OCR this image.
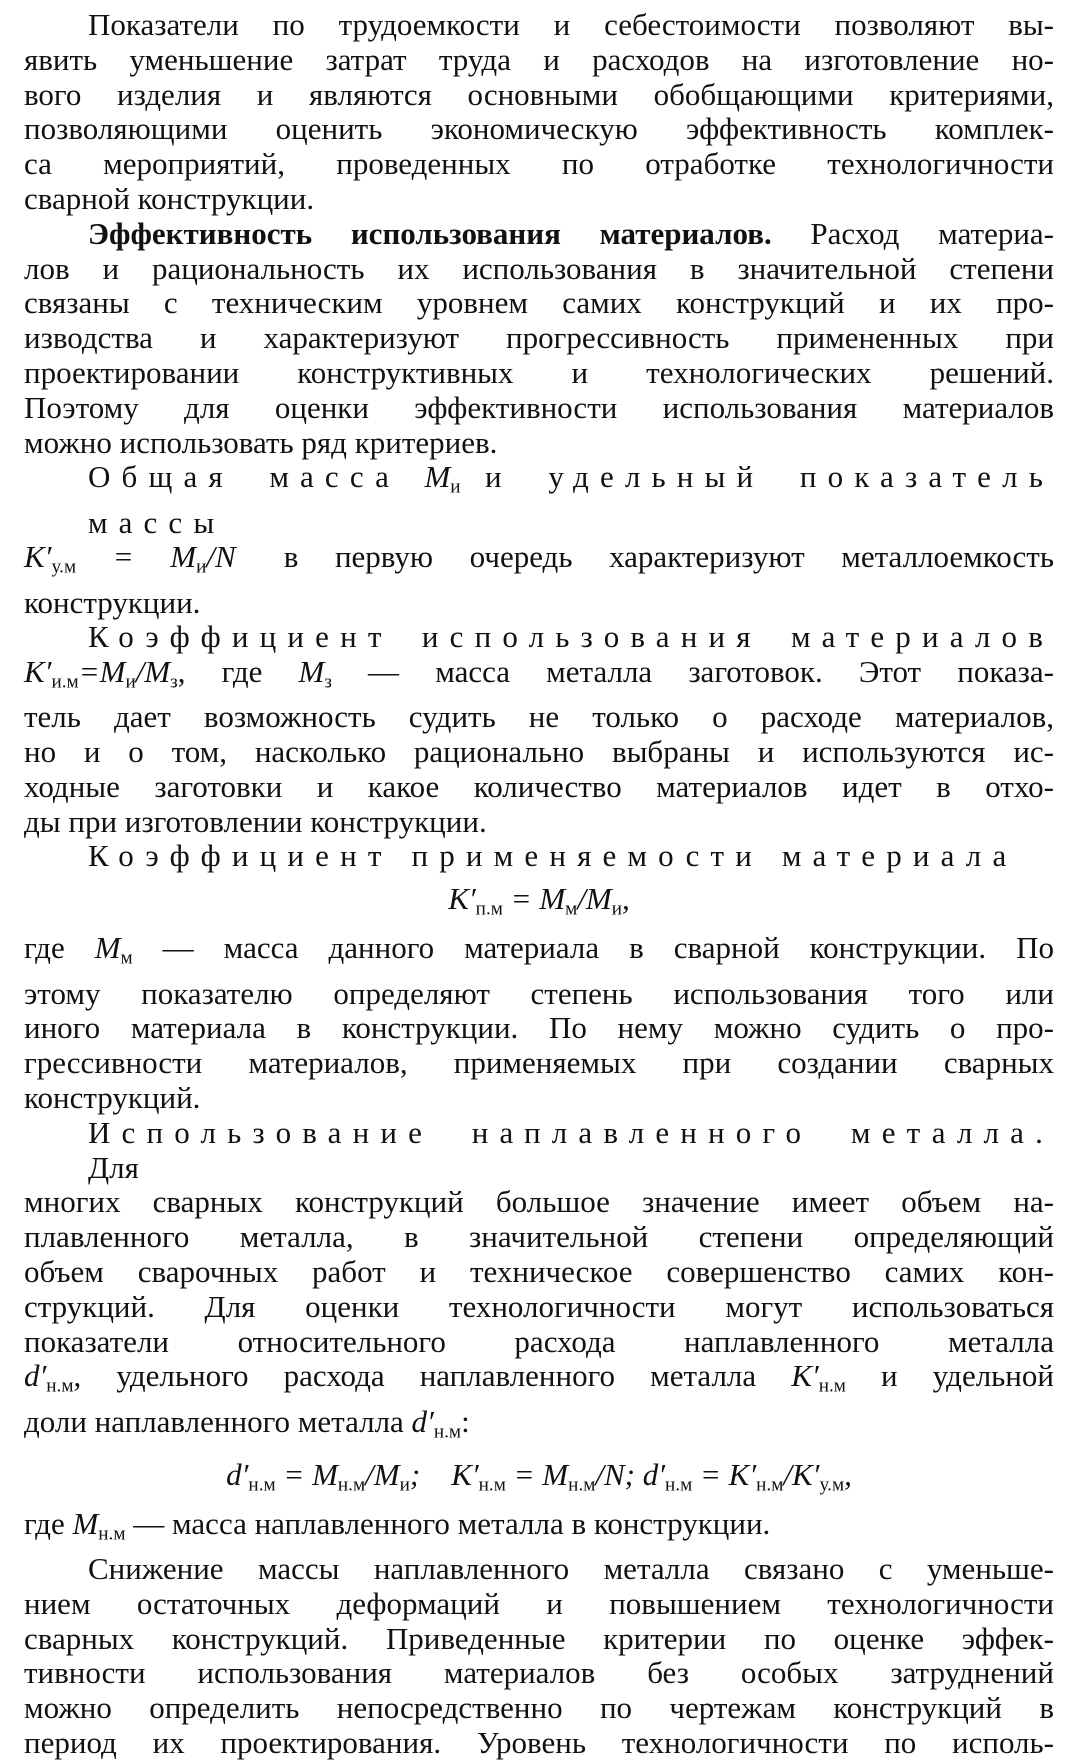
Показатели по трудоемкости и себестоимости позволяют вы-
явить уменьшение затрат труда и расходов на изготовление но-
вого изделия и являются основными обобщающими критериями,
позволяющими оценить экономическую эффективность комплек-
са мероприятий, проведенных по отработке технологичности
сварной конструкции.
Эффективность использования материалов. Расход материа-
лов и рациональность их использования в значительной степени
связаны с техническим уровнем самих конструкций и их про-
изводства и характеризуют прогрессивность примененных при
проектировании конструктивных и технологических решений.
Поэтому для оценки эффективности использования материалов
можно использовать ряд критериев.
Общая масса $M_и$ и удельный показатель массы
$K'_{у.м} = M_и/N$ в первую очередь характеризуют металлоемкость
конструкции.
Коэффициент использования материалов
$K'_{и.м}=M_и/M_з$, где $M_з$ — масса металла заготовок. Этот показа-
тель дает возможность судить не только о расходе материалов,
но и о том, насколько рационально выбраны и используются ис-
ходные заготовки и какое количество материалов идет в отхо-
ды при изготовлении конструкции.
Коэффициент применяемости материала
$K'_{п.м} = M_м/M_и$,
где $M_м$ — масса данного материала в сварной конструкции. По
этому показателю определяют степень использования того или
иного материала в конструкции. По нему можно судить о про-
грессивности материалов, применяемых при создании сварных
конструкций.
Использование наплавленного металла. Для
многих сварных конструкций большое значение имеет объем на-
плавленного металла, в значительной степени определяющий
объем сварочных работ и техническое совершенство самих кон-
струкций. Для оценки технологичности могут использоваться
показатели относительного расхода наплавленного металла
$d'_{н.м}$, удельного расхода наплавленного металла $K'_{н.м}$ и удельной
доли наплавленного металла $d'_{н.м}$:
$d'_{н.м} = M_{н.м}/M_и$; $K'_{н.м} = M_{н.м}/N$; $d'_{н.м} = K'_{н.м}/K'_{у.м}$,
где $M_{н.м}$ — масса наплавленного металла в конструкции.
Снижение массы наплавленного металла связано с уменьше-
нием остаточных деформаций и повышением технологичности
сварных конструкций. Приведенные критерии по оценке эффек-
тивности использования материалов без особых затруднений
можно определить непосредственно по чертежам конструкций в
период их проектирования. Уровень технологичности по исполь-
